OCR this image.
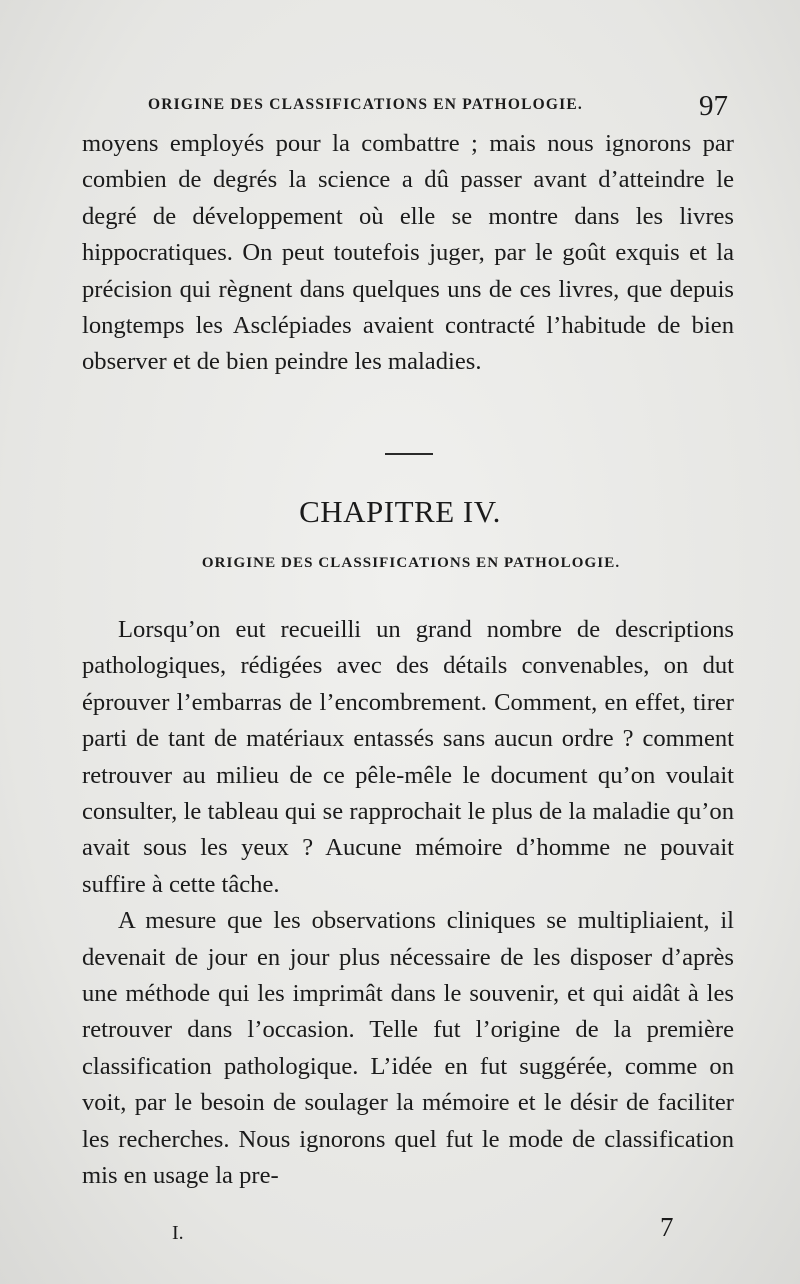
ORIGINE DES CLASSIFICATIONS EN PATHOLOGIE.	97

moyens employés pour la combattre ; mais nous ignorons par combien de degrés la science a dû passer avant d’atteindre le degré de développement où elle se montre dans les livres hippocratiques. On peut toutefois juger, par le goût exquis et la précision qui règnent dans quelques uns de ces livres, que depuis longtemps les Asclépiades avaient contracté l’habitude de bien observer et de bien peindre les maladies.

CHAPITRE IV.
ORIGINE DES CLASSIFICATIONS EN PATHOLOGIE.

Lorsqu’on eut recueilli un grand nombre de descriptions pathologiques, rédigées avec des détails convenables, on dut éprouver l’embarras de l’encombrement. Comment, en effet, tirer parti de tant de matériaux entassés sans aucun ordre ? comment retrouver au milieu de ce pêle-mêle le document qu’on voulait consulter, le tableau qui se rapprochait le plus de la maladie qu’on avait sous les yeux ? Aucune mémoire d’homme ne pouvait suffire à cette tâche.

A mesure que les observations cliniques se multipliaient, il devenait de jour en jour plus nécessaire de les disposer d’après une méthode qui les imprimât dans le souvenir, et qui aidât à les retrouver dans l’occasion. Telle fut l’origine de la première classification pathologique. L’idée en fut suggérée, comme on voit, par le besoin de soulager la mémoire et le désir de faciliter les recherches. Nous ignorons quel fut le mode de classification mis en usage la pre-

I.	7
